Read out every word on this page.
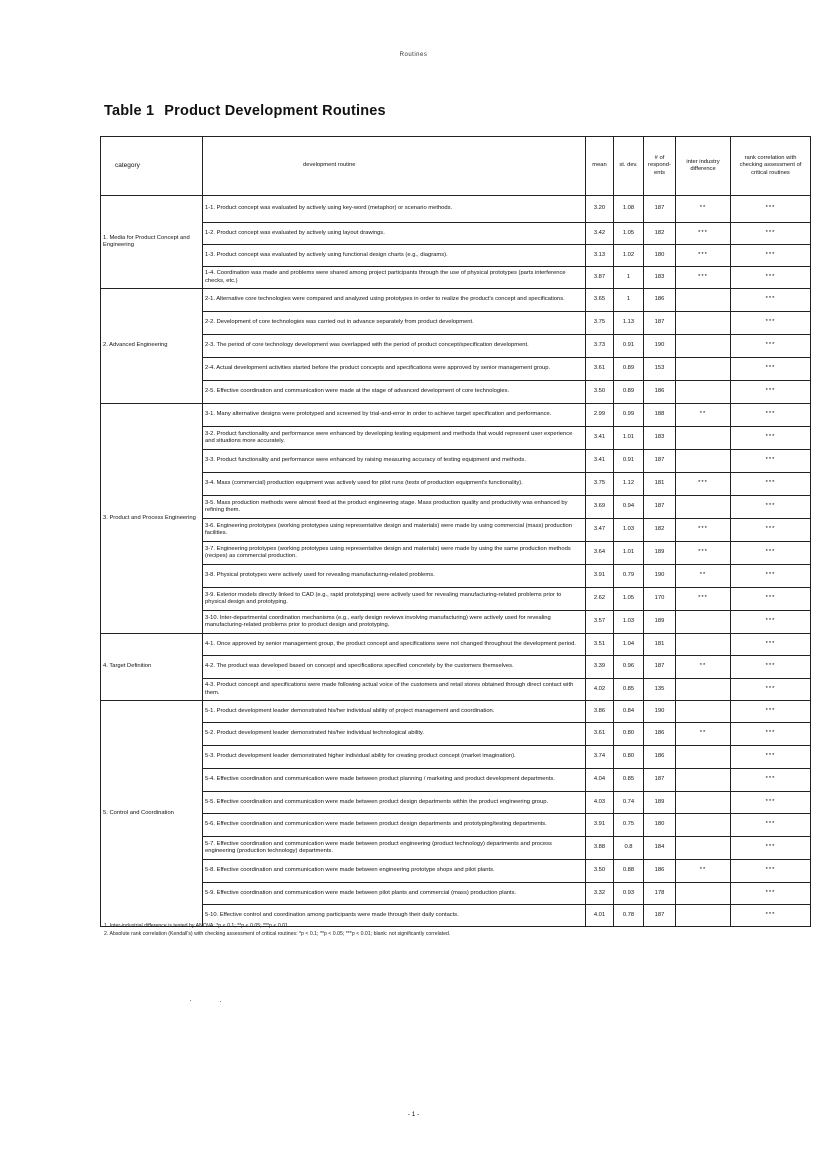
Routines
Table 1 Product Development Routines
category	development routine	mean	st. dev.	# of respond-ents	inter industry difference	rank correlation with checking assessment of critical routines
1. Media for Product Concept and Engineering	1-1. Product concept was evaluated by actively using key-word (metaphor) or scenario methods.	3.20	1.08	187	**	***
	1-2. Product concept was evaluated by actively using layout drawings.	3.42	1.05	182	***	***
	1-3. Product concept was evaluated by actively using functional design charts (e.g., diagrams).	3.13	1.02	180	***	***
	1-4. Coordination was made and problems were shared among project participants through the use of physical prototypes (parts interference checks, etc.)	3.87	1	183	***	***
2. Advanced Engineering	2-1. Alternative core technologies were compared and analyzed using prototypes in order to realize the product's concept and specifications.	3.65	1	186		***
	2-2. Development of core technologies was carried out in advance separately from product development.	3.75	1.13	187		***
	2-3. The period of core technology development was overlapped with the period of product concept/specification development.	3.73	0.91	190		***
	2-4. Actual development activities started before the product concepts and specifications were approved by senior management group.	3.61	0.89	153		***
	2-5. Effective coordination and communication were made at the stage of advanced development of core technologies.	3.50	0.89	186		***
3. Product and Process Engineering	3-1. Many alternative designs were prototyped and screened by trial-and-error in order to achieve target specification and performance.	2.99	0.99	188	**	***
	3-2. Product functionality and performance were enhanced by developing testing equipment and methods that would represent user experience and situations more accurately.	3.41	1.01	183		***
	3-3. Product functionality and performance were enhanced by raising measuring accuracy of testing equipment and methods.	3.41	0.91	187		***
	3-4. Mass (commercial) production equipment was actively used for pilot runs (tests of production equipment's functionality).	3.75	1.12	181	***	***
	3-5. Mass production methods were almost fixed at the product engineering stage. Mass production quality and productivity was enhanced by refining them.	3.69	0.94	187		***
	3-6. Engineering prototypes (working prototypes using representative design and materials) were made by using commercial (mass) production facilities.	3.47	1.03	182	***	***
	3-7. Engineering prototypes (working prototypes using representative design and materials) were made by using the same production methods (recipes) as commercial production.	3.64	1.01	189	***	***
	3-8. Physical prototypes were actively used for revealing manufacturing-related problems.	3.91	0.79	190	**	***
	3-9. Exterior models directly linked to CAD (e.g., rapid prototyping) were actively used for revealing manufacturing-related problems prior to physical design and prototyping.	2.62	1.05	170	***	***
	3-10. Inter-departmental coordination mechanisms (e.g., early design reviews involving manufacturing) were actively used for revealing manufacturing-related problems prior to product design and prototyping.	3.57	1.03	189		***
4. Target Definition	4-1. Once approved by senior management group, the product concept and specifications were not changed throughout the development period.	3.51	1.04	181		***
	4-2. The product was developed based on concept and specifications specified concretely by the customers themselves.	3.39	0.96	187	**	***
	4-3. Product concept and specifications were made following actual voice of the customers and retail stores obtained through direct contact with them.	4.02	0.85	135		***
5. Control and Coordination	5-1. Product development leader demonstrated his/her individual ability of project management and coordination.	3.86	0.84	190		***
	5-2. Product development leader demonstrated his/her individual technological ability.	3.61	0.80	186	**	***
	5-3. Product development leader demonstrated higher individual ability for creating product concept (market imagination).	3.74	0.80	186		***
	5-4. Effective coordination and communication were made between product planning / marketing and product development departments.	4.04	0.85	187		***
	5-5. Effective coordination and communication were made between product design departments within the product engineering group.	4.03	0.74	189		***
	5-6. Effective coordination and communication were made between product design departments and prototyping/testing departments.	3.91	0.75	180		***
	5-7. Effective coordination and communication were made between product engineering (product technology) departments and process engineering (production technology) departments.	3.88	0.8	184		***
	5-8. Effective coordination and communication were made between engineering prototype shops and pilot plants.	3.50	0.88	186	**	***
	5-9. Effective coordination and communication were made between pilot plants and commercial (mass) production plants.	3.32	0.93	178		***
	5-10. Effective control and coordination among participants were made through their daily contacts.	4.01	0.78	187		***
1. Inter-industrial difference is tested by ANOVA: *p < 0.1; **p < 0.05; ***p < 0.01.
2. Absolute rank correlation (Kendall's) with checking assessment of critical routines: *p < 0.1; **p < 0.05; ***p < 0.01; blank: not significantly correlated.
- 1 -
